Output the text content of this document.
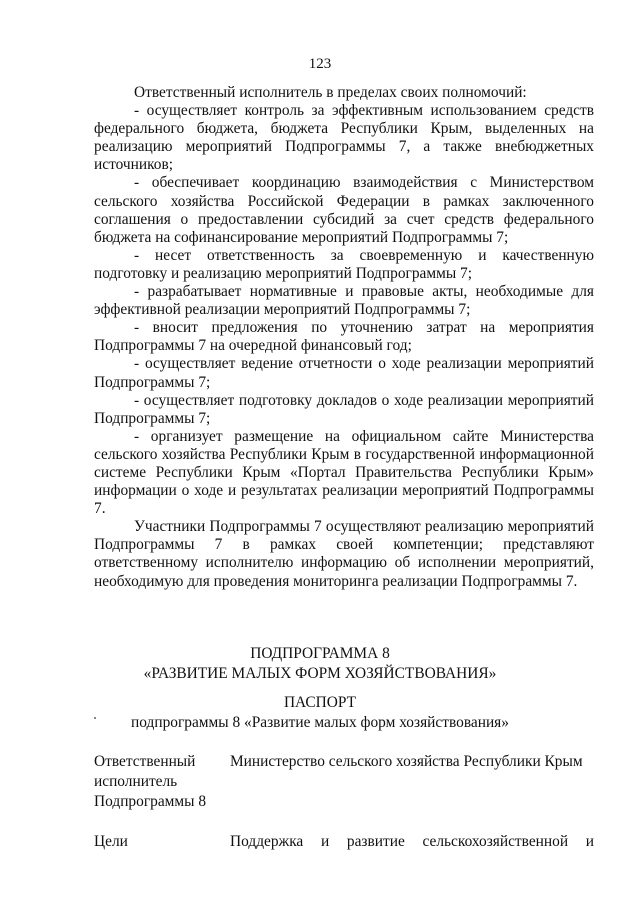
123

Ответственный исполнитель в пределах своих полномочий:

- осуществляет контроль за эффективным использованием средств федерального бюджета, бюджета Республики Крым, выделенных на реализацию мероприятий Подпрограммы 7, а также внебюджетных источников;

- обеспечивает координацию взаимодействия с Министерством сельского хозяйства Российской Федерации в рамках заключенного соглашения о предоставлении субсидий за счет средств федерального бюджета на софинансирование мероприятий Подпрограммы 7;

- несет ответственность за своевременную и качественную подготовку и реализацию мероприятий Подпрограммы 7;

- разрабатывает нормативные и правовые акты, необходимые для эффективной реализации мероприятий Подпрограммы 7;

- вносит предложения по уточнению затрат на мероприятия Подпрограммы 7 на очередной финансовый год;

- осуществляет ведение отчетности о ходе реализации мероприятий Подпрограммы 7;

- осуществляет подготовку докладов о ходе реализации мероприятий Подпрограммы 7;

- организует размещение на официальном сайте Министерства сельского хозяйства Республики Крым в государственной информационной системе Республики Крым «Портал Правительства Республики Крым» информации о ходе и результатах реализации мероприятий Подпрограммы 7.

Участники Подпрограммы 7 осуществляют реализацию мероприятий Подпрограммы 7 в рамках своей компетенции; представляют ответственному исполнителю информацию об исполнении мероприятий, необходимую для проведения мониторинга реализации Подпрограммы 7.

ПОДПРОГРАММА 8
«РАЗВИТИЕ МАЛЫХ ФОРМ ХОЗЯЙСТВОВАНИЯ»
ПАСПОРТ
подпрограммы 8 «Развитие малых форм хозяйствования»
Ответственный
исполнитель
Подпрограммы 8
Министерство сельского хозяйства Республики Крым
Цели	Поддержка и развитие сельскохозяйственной и
